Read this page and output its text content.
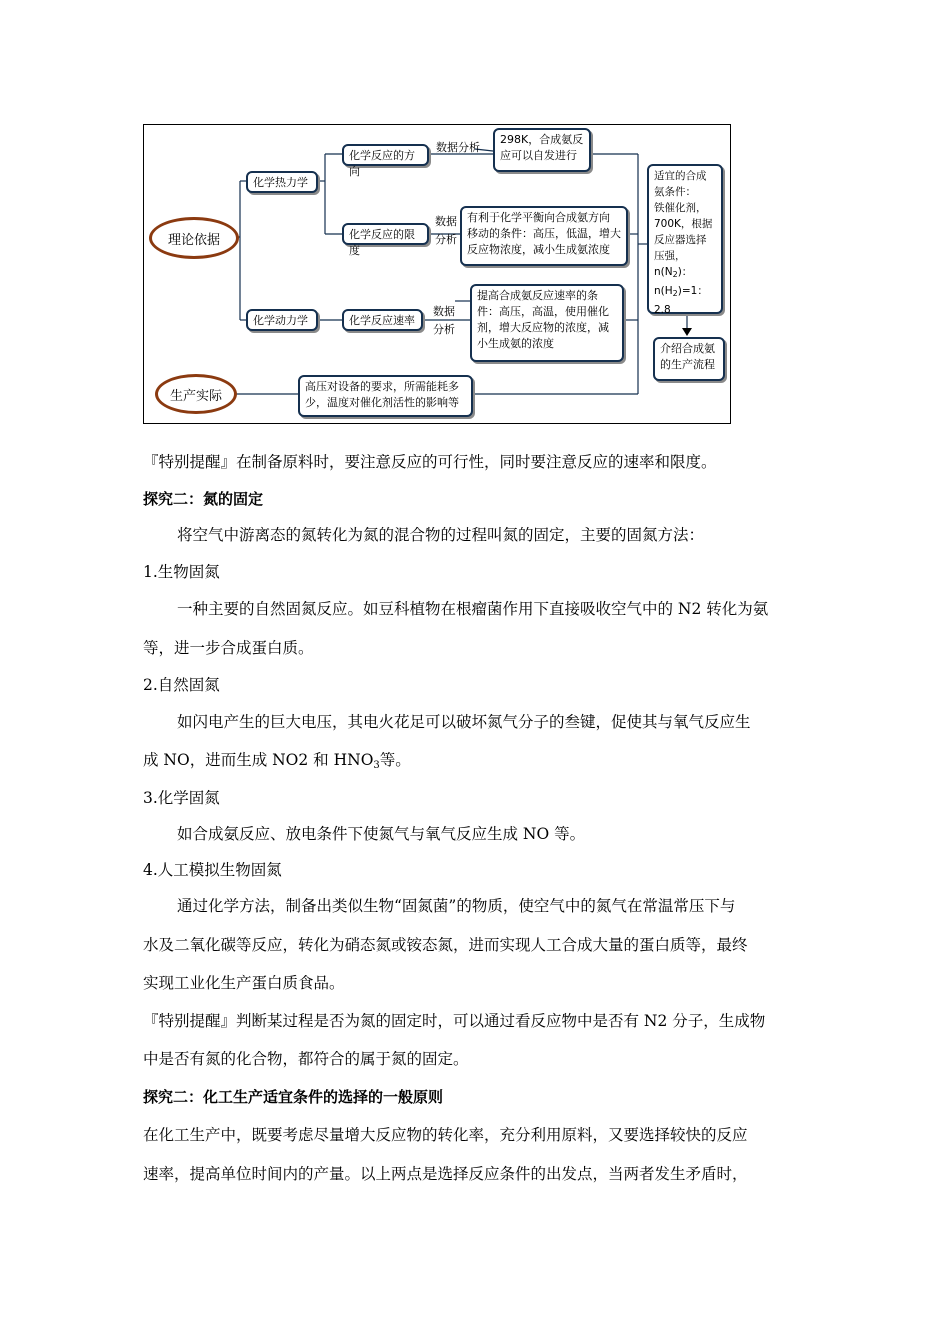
理论依据
生产实际
化学热力学
化学动力学
化学反应的方向
化学反应的限度
化学反应速率
数据分析
数据
分析
数据
分析
298K，合成氨反
应可以自发进行
有利于化学平衡向合成氨方向
移动的条件：高压，低温，增大
反应物浓度，减小生成氨浓度
提高合成氨反应速率的条
件：高压，高温，使用催化
剂，增大反应物的浓度，减
小生成氨的浓度
高压对设备的要求，所需能耗多
少，温度对催化剂活性的影响等
适宜的合成
氨条件：
铁催化剂，
700K，根据
反应器选择
压强，$n(N_2)$：
$n(H_2)=1$：2.8
介绍合成氨
的生产流程
『特别提醒』在制备原料时，要注意反应的可行性，同时要注意反应的速率和限度。
探究二：氮的固定
将空气中游离态的氮转化为氮的混合物的过程叫氮的固定，主要的固氮方法：
1.生物固氮
一种主要的自然固氮反应。如豆科植物在根瘤菌作用下直接吸收空气中的 N2 转化为氨
等，进一步合成蛋白质。
2.自然固氮
如闪电产生的巨大电压，其电火花足可以破坏氮气分子的叁键，促使其与氧气反应生
成 NO，进而生成 NO2 和 HNO3等。
3.化学固氮
如合成氨反应、放电条件下使氮气与氧气反应生成 NO 等。
4.人工模拟生物固氮
通过化学方法，制备出类似生物“固氮菌”的物质，使空气中的氮气在常温常压下与
水及二氧化碳等反应，转化为硝态氮或铵态氮，进而实现人工合成大量的蛋白质等，最终
实现工业化生产蛋白质食品。
『特别提醒』判断某过程是否为氮的固定时，可以通过看反应物中是否有 N2 分子，生成物
中是否有氮的化合物，都符合的属于氮的固定。
探究二：化工生产适宜条件的选择的一般原则
在化工生产中，既要考虑尽量增大反应物的转化率，充分利用原料，又要选择较快的反应
速率，提高单位时间内的产量。以上两点是选择反应条件的出发点，当两者发生矛盾时，
